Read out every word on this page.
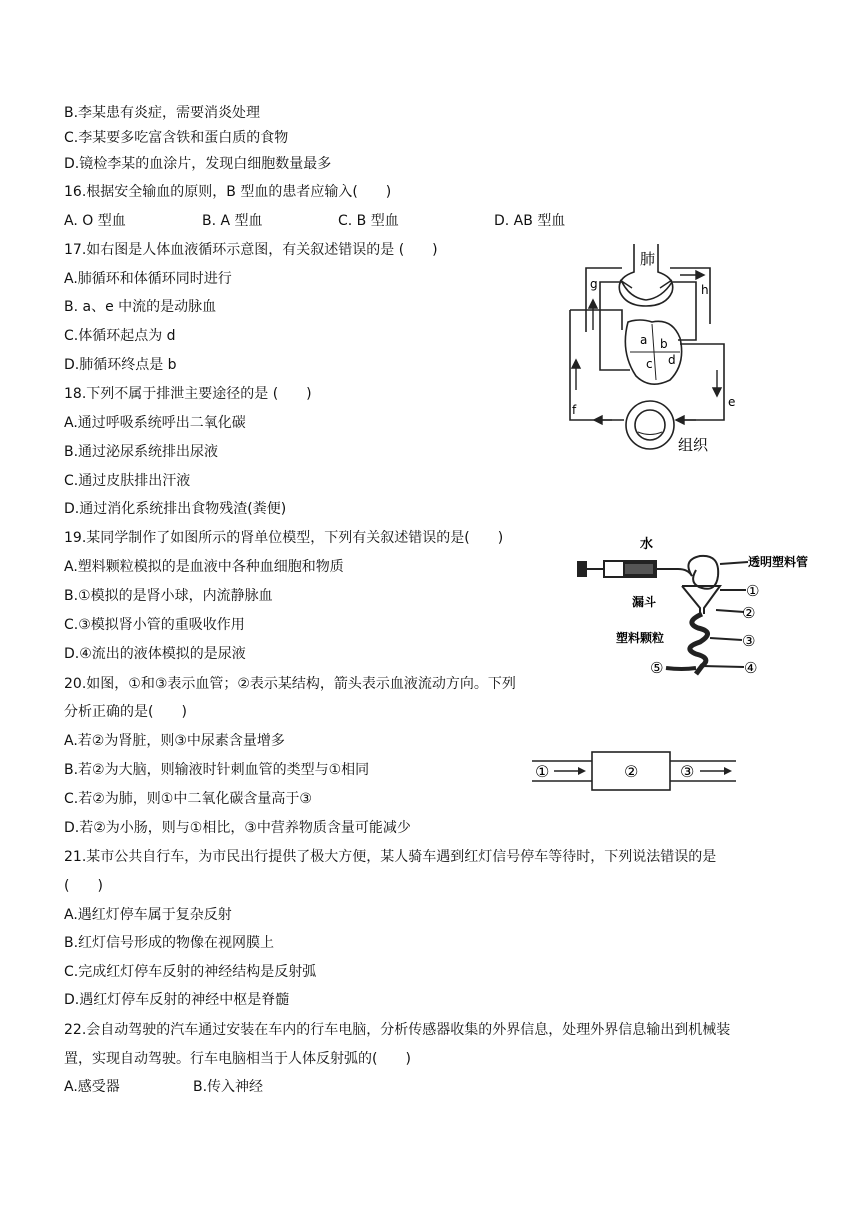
B.李某患有炎症，需要消炎处理
C.李某要多吃富含铁和蛋白质的食物
D.镜检李某的血涂片，发现白细胞数量最多
16.根据安全输血的原则，B 型血的患者应输入(　　)
A. O 型血	B. A 型血	C. B 型血	D. AB 型血
17.如右图是人体血液循环示意图，有关叙述错误的是 (　　)
A.肺循环和体循环同时进行
B. a、e 中流的是动脉血
C.体循环起点为 d
D.肺循环终点是 b
肺
组织
g	h
a b
c d
e
f
18.下列不属于排泄主要途径的是 (　　)
A.通过呼吸系统呼出二氧化碳
B.通过泌尿系统排出尿液
C.通过皮肤排出汗液
D.通过消化系统排出食物残渣(粪便)
19.某同学制作了如图所示的肾单位模型，下列有关叙述错误的是(　　)
A.塑料颗粒模拟的是血液中各种血细胞和物质
B.①模拟的是肾小球，内流静脉血
C.③模拟肾小管的重吸收作用
D.④流出的液体模拟的是尿液
水
透明塑料管
漏斗
塑料颗粒
①
②
③
④
⑤
20.如图，①和③表示血管；②表示某结构，箭头表示血液流动方向。下列
分析正确的是(　　)
A.若②为肾脏，则③中尿素含量增多
B.若②为大脑，则输液时针刺血管的类型与①相同
C.若②为肺，则①中二氧化碳含量高于③
D.若②为小肠，则与①相比，③中营养物质含量可能减少
①	②	③
21.某市公共自行车，为市民出行提供了极大方便，某人骑车遇到红灯信号停车等待时，下列说法错误的是
(　　)
A.遇红灯停车属于复杂反射
B.红灯信号形成的物像在视网膜上
C.完成红灯停车反射的神经结构是反射弧
D.遇红灯停车反射的神经中枢是脊髓
22.会自动驾驶的汽车通过安装在车内的行车电脑，分析传感器收集的外界信息，处理外界信息输出到机械装
置，实现自动驾驶。行车电脑相当于人体反射弧的(　　)
A.感受器	B.传入神经
